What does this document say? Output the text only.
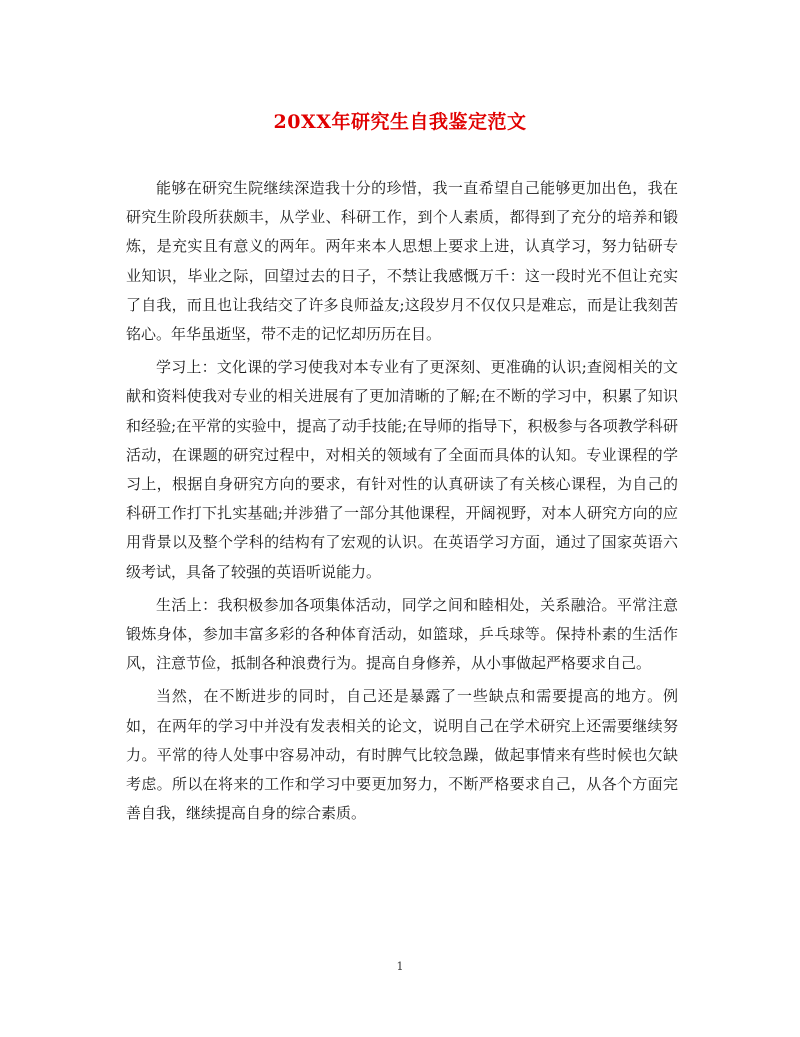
20XX年研究生自我鉴定范文

能够在研究生院继续深造我十分的珍惜，我一直希望自己能够更加出色，我在研究生阶段所获颇丰，从学业、科研工作，到个人素质，都得到了充分的培养和锻炼，是充实且有意义的两年。两年来本人思想上要求上进，认真学习，努力钻研专业知识，毕业之际，回望过去的日子，不禁让我感慨万千：这一段时光不但让充实了自我，而且也让我结交了许多良师益友;这段岁月不仅仅只是难忘，而是让我刻苦铭心。年华虽逝坚，带不走的记忆却历历在目。

学习上：文化课的学习使我对本专业有了更深刻、更准确的认识;查阅相关的文献和资料使我对专业的相关进展有了更加清晰的了解;在不断的学习中，积累了知识和经验;在平常的实验中，提高了动手技能;在导师的指导下，积极参与各项教学科研活动，在课题的研究过程中，对相关的领域有了全面而具体的认知。专业课程的学习上，根据自身研究方向的要求，有针对性的认真研读了有关核心课程，为自己的科研工作打下扎实基础;并涉猎了一部分其他课程，开阔视野，对本人研究方向的应用背景以及整个学科的结构有了宏观的认识。在英语学习方面，通过了国家英语六级考试，具备了较强的英语听说能力。

生活上：我积极参加各项集体活动，同学之间和睦相处，关系融洽。平常注意锻炼身体，参加丰富多彩的各种体育活动，如篮球，乒乓球等。保持朴素的生活作风，注意节俭，抵制各种浪费行为。提高自身修养，从小事做起严格要求自己。

当然，在不断进步的同时，自己还是暴露了一些缺点和需要提高的地方。例如，在两年的学习中并没有发表相关的论文，说明自己在学术研究上还需要继续努力。平常的待人处事中容易冲动，有时脾气比较急躁，做起事情来有些时候也欠缺考虑。所以在将来的工作和学习中要更加努力，不断严格要求自己，从各个方面完善自我，继续提高自身的综合素质。

1
